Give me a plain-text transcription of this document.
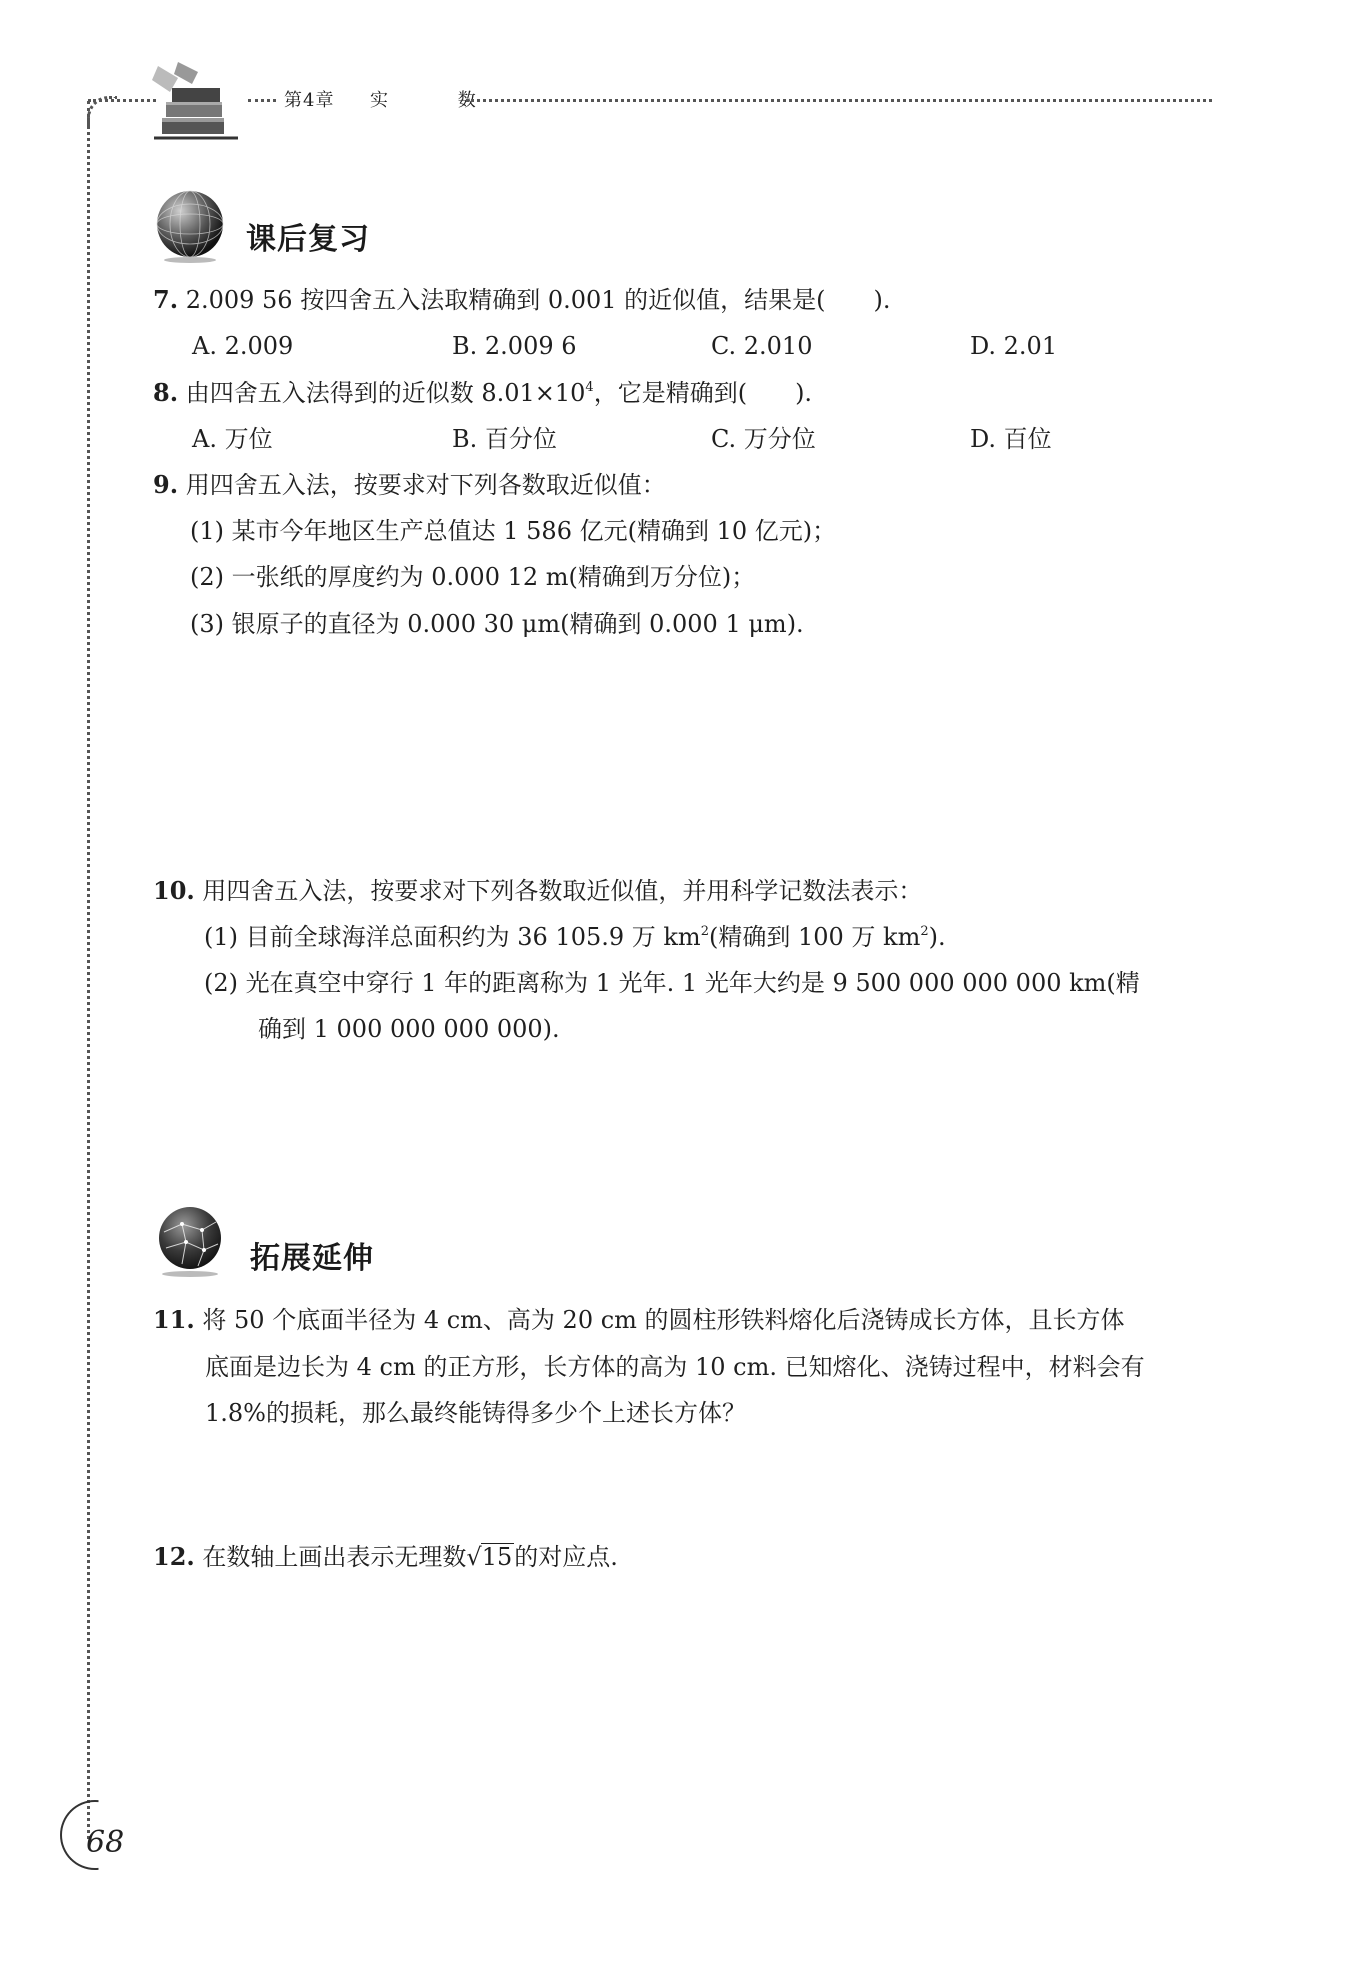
第4章 实 数
课后复习
7. 2.009 56 按四舍五入法取精确到 0.001 的近似值，结果是(　　).
A. 2.009	B. 2.009 6	C. 2.010	D. 2.01
8. 由四舍五入法得到的近似数 $8.01\times 10^4$，它是精确到(　　).
A. 万位	B. 百分位	C. 万分位	D. 百位
9. 用四舍五入法，按要求对下列各数取近似值：
(1) 某市今年地区生产总值达 1 586 亿元(精确到 10 亿元)；
(2) 一张纸的厚度约为 0.000 12 m(精确到万分位)；
(3) 银原子的直径为 0.000 30 μm(精确到 0.000 1 μm).
10. 用四舍五入法，按要求对下列各数取近似值，并用科学记数法表示：
(1) 目前全球海洋总面积约为 36 105.9 万 $km^2$(精确到 100 万 $km^2$).
(2) 光在真空中穿行 1 年的距离称为 1 光年. 1 光年大约是 9 500 000 000 000 km(精
确到 1 000 000 000 000).
拓展延伸
11. 将 50 个底面半径为 4 cm、高为 20 cm 的圆柱形铁料熔化后浇铸成长方体，且长方体
底面是边长为 4 cm 的正方形，长方体的高为 10 cm. 已知熔化、浇铸过程中，材料会有
1.8%的损耗，那么最终能铸得多少个上述长方体？
12. 在数轴上画出表示无理数√15的对应点.
68
